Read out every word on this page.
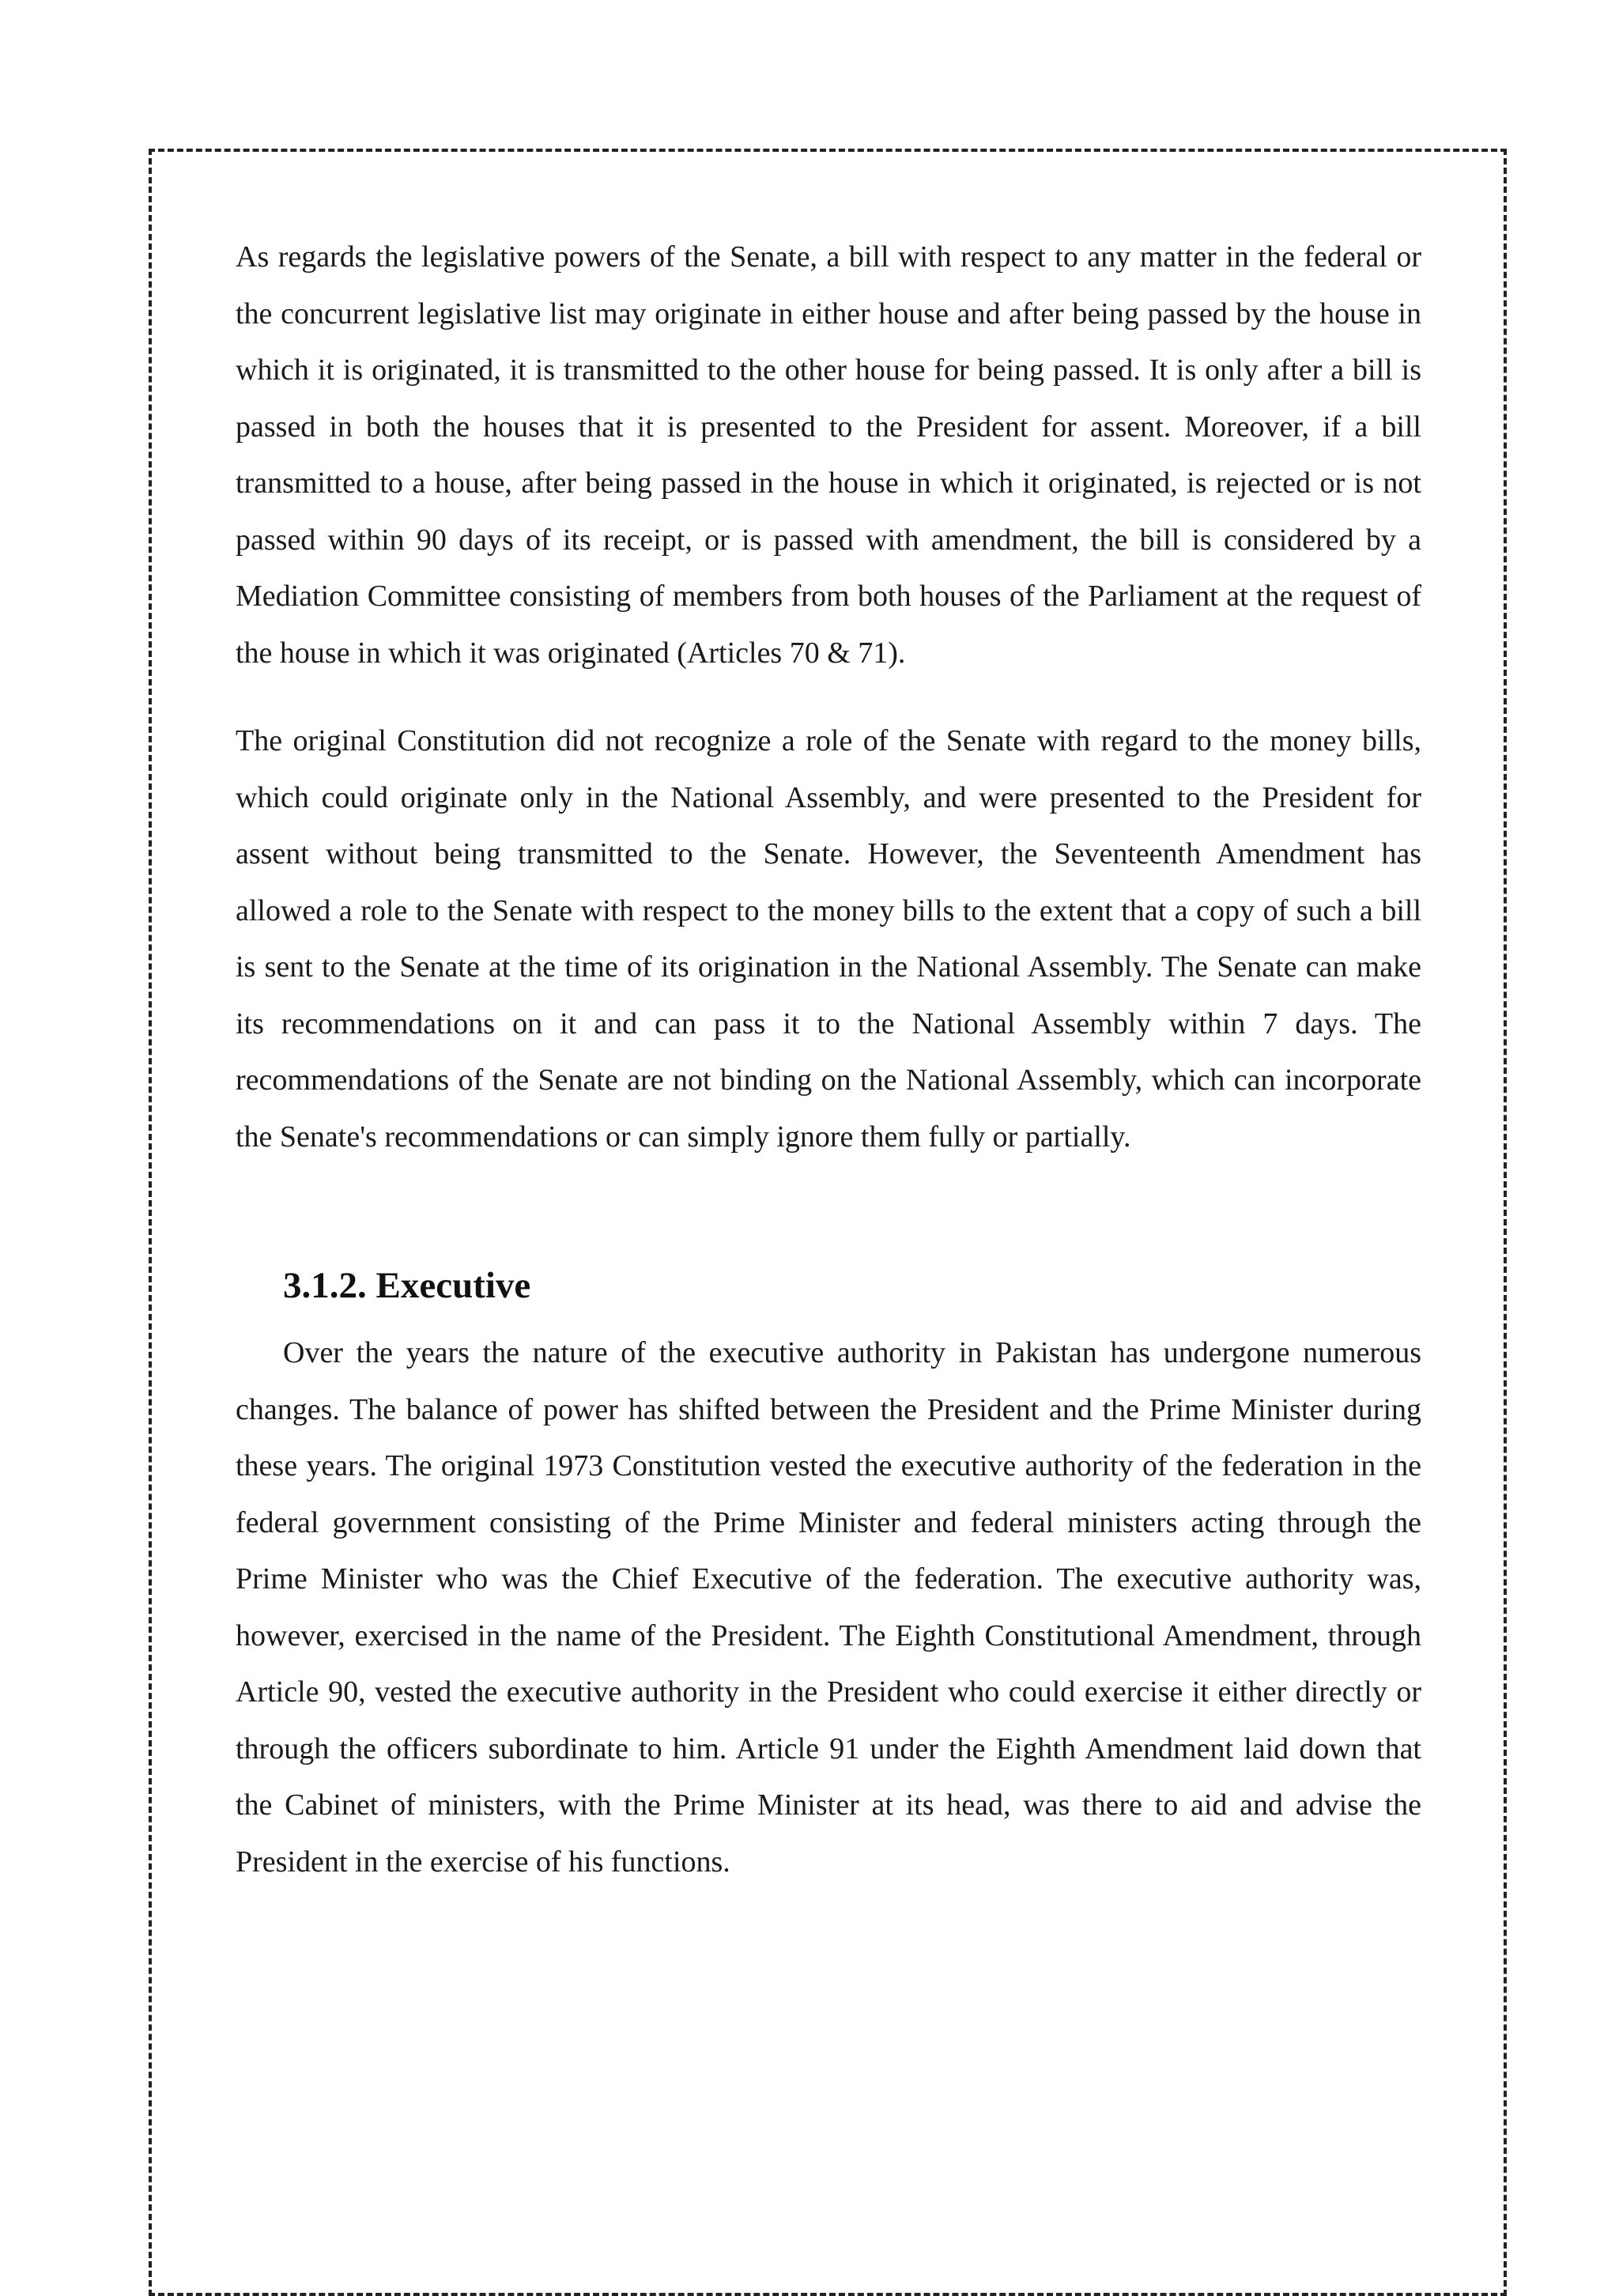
As regards the legislative powers of the Senate, a bill with respect to any matter in the federal or the concurrent legislative list may originate in either house and after being passed by the house in which it is originated, it is transmitted to the other house for being passed. It is only after a bill is passed in both the houses that it is presented to the President for assent. Moreover, if a bill transmitted to a house, after being passed in the house in which it originated, is rejected or is not passed within 90 days of its receipt, or is passed with amendment, the bill is considered by a Mediation Committee consisting of members from both houses of the Parliament at the request of the house in which it was originated (Articles 70 & 71).

The original Constitution did not recognize a role of the Senate with regard to the money bills, which could originate only in the National Assembly, and were presented to the President for assent without being transmitted to the Senate. However, the Seventeenth Amendment has allowed a role to the Senate with respect to the money bills to the extent that a copy of such a bill is sent to the Senate at the time of its origination in the National Assembly. The Senate can make its recommendations on it and can pass it to the National Assembly within 7 days. The recommendations of the Senate are not binding on the National Assembly, which can incorporate the Senate's recommendations or can simply ignore them fully or partially.

3.1.2. Executive

Over the years the nature of the executive authority in Pakistan has undergone numerous changes. The balance of power has shifted between the President and the Prime Minister during these years. The original 1973 Constitution vested the executive authority of the federation in the federal government consisting of the Prime Minister and federal ministers acting through the Prime Minister who was the Chief Executive of the federation. The executive authority was, however, exercised in the name of the President. The Eighth Constitutional Amendment, through Article 90, vested the executive authority in the President who could exercise it either directly or through the officers subordinate to him. Article 91 under the Eighth Amendment laid down that the Cabinet of ministers, with the Prime Minister at its head, was there to aid and advise the President in the exercise of his functions.
